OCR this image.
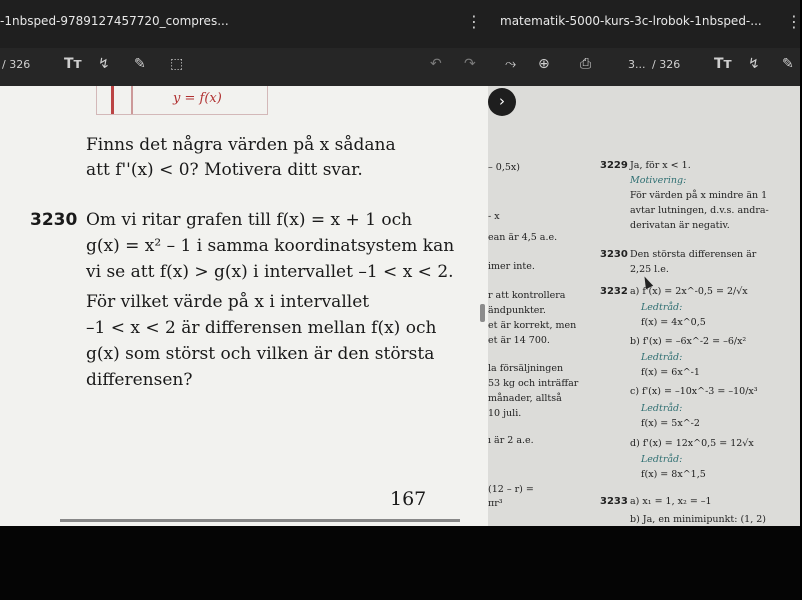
-1nbsped-9789127457720_compres...	⋮ matematik-5000-kurs-3c-lrobok-1nbsped-... ⋮
/ 326 Tт ↯ ✎ ⬚	↶ ↷ ⤳ ⊕ ⎙	3... / 326 Tт ↯ ✎
y = f(x)
Finns det några värden på x sådana
att f''(x) < 0? Motivera ditt svar.
3230 Om vi ritar grafen till f(x) = x + 1 och
g(x) = x² – 1 i samma koordinatsystem kan
vi se att f(x) > g(x) i intervallet –1 < x < 2.
För vilket värde på x i intervallet
–1 < x < 2 är differensen mellan f(x) och
g(x) som störst och vilken är den största
differensen?
167
– 0,5x)
- x
ean är 4,5 a.e.
imer inte.
r att kontrollera
ändpunkter.
et är korrekt, men
et är 14 700.
la försäljningen
53 kg och inträffar
månader, alltså
10 juli.
ı är 2 a.e.
(12 – r) =
πr³
3229 Ja, för x < 1.
Motivering:
För värden på x mindre än 1
avtar lutningen, d.v.s. andra-
derivatan är negativ.
3230 Den största differensen är
2,25 l.e.
3232 a) f'(x) = 2x^-0,5 = 2/√x
Ledtråd:
f(x) = 4x^0,5
b) f'(x) = –6x^-2 = –6/x²
Ledtråd:
f(x) = 6x^-1
c) f'(x) = –10x^-3 = –10/x³
Ledtråd:
f(x) = 5x^-2
d) f'(x) = 12x^0,5 = 12√x
Ledtråd:
f(x) = 8x^1,5
3233 a) x₁ = 1, x₂ = –1
b) Ja, en minimipunkt: (1, 2)
›
